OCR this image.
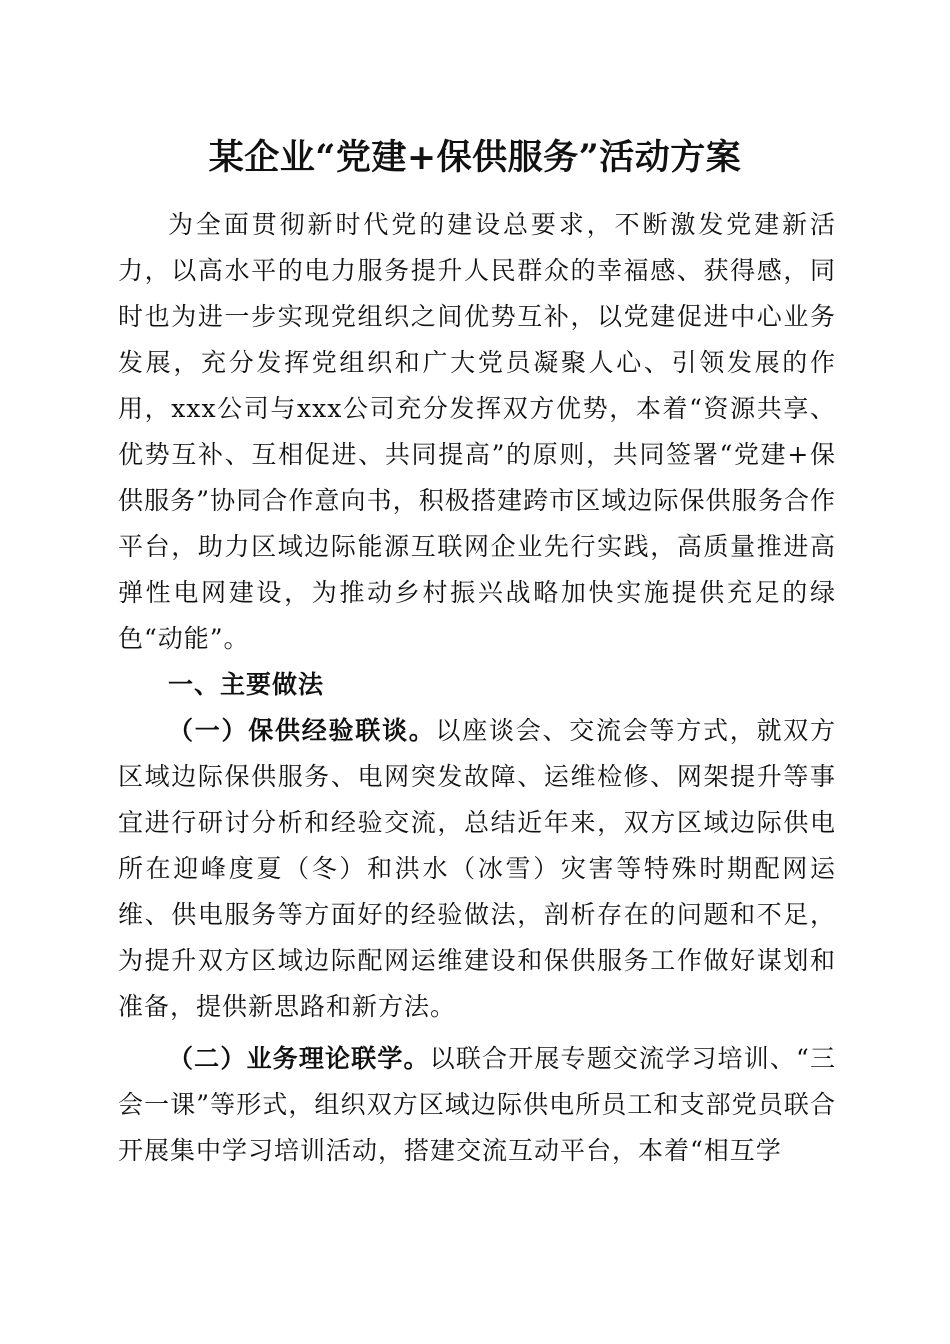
某企业“党建+保供服务”活动方案

为全面贯彻新时代党的建设总要求，不断激发党建新活力，以高水平的电力服务提升人民群众的幸福感、获得感，同时也为进一步实现党组织之间优势互补，以党建促进中心业务发展，充分发挥党组织和广大党员凝聚人心、引领发展的作用，xxx公司与xxx公司充分发挥双方优势，本着“资源共享、优势互补、互相促进、共同提高”的原则，共同签署“党建+保供服务”协同合作意向书，积极搭建跨市区域边际保供服务合作平台，助力区域边际能源互联网企业先行实践，高质量推进高弹性电网建设，为推动乡村振兴战略加快实施提供充足的绿色“动能”。

一、主要做法

（一）保供经验联谈。以座谈会、交流会等方式，就双方区域边际保供服务、电网突发故障、运维检修、网架提升等事宜进行研讨分析和经验交流，总结近年来，双方区域边际供电所在迎峰度夏（冬）和洪水（冰雪）灾害等特殊时期配网运维、供电服务等方面好的经验做法，剖析存在的问题和不足，为提升双方区域边际配网运维建设和保供服务工作做好谋划和准备，提供新思路和新方法。

（二）业务理论联学。以联合开展专题交流学习培训、“三会一课”等形式，组织双方区域边际供电所员工和支部党员联合开展集中学习培训活动，搭建交流互动平台，本着“相互学
